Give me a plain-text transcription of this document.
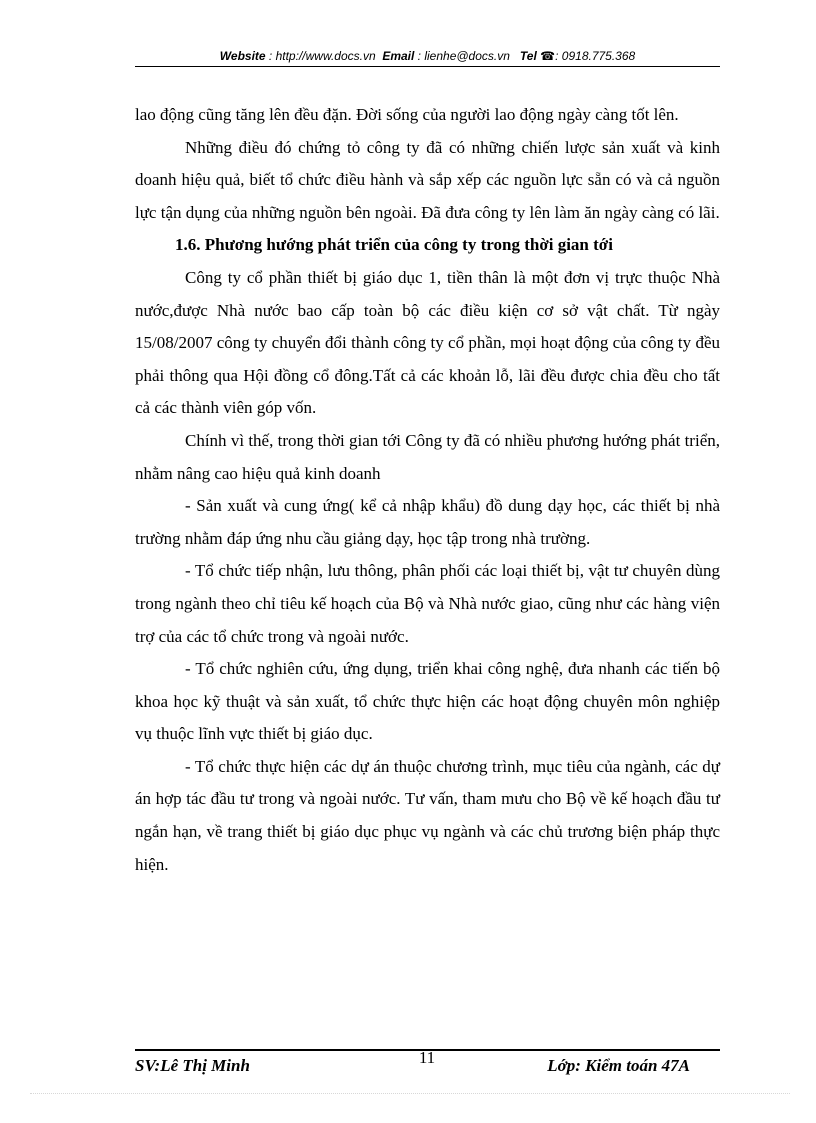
Website : http://www.docs.vn Email : lienhe@docs.vn Tel ☎: 0918.775.368

lao động cũng tăng lên đều đặn. Đời sống của người lao động ngày càng tốt lên.

Những điều đó chứng tỏ công ty đã có những chiến lược sản xuất và kinh doanh hiệu quả, biết tổ chức điều hành và sắp xếp các nguồn lực sẵn có và cả nguồn lực tận dụng của những nguồn bên ngoài. Đã đưa công ty lên làm ăn ngày càng có lãi.

1.6. Phương hướng phát triển của công ty trong thời gian tới

Công ty cổ phần thiết bị giáo dục 1, tiền thân là một đơn vị trực thuộc Nhà nước,được Nhà nước bao cấp toàn bộ các điều kiện cơ sở vật chất. Từ ngày 15/08/2007 công ty chuyển đổi thành công ty cổ phần, mọi hoạt động của công ty đều phải thông qua Hội đồng cổ đông.Tất cả các khoản lỗ, lãi đều được chia đều cho tất cả các thành viên góp vốn.

Chính vì thế, trong thời gian tới Công ty đã có nhiều phương hướng phát triển, nhằm nâng cao hiệu quả kinh doanh

- Sản xuất và cung ứng( kể cả nhập khẩu) đồ dung dạy học, các thiết bị nhà trường nhằm đáp ứng nhu cầu giảng dạy, học tập trong nhà trường.

- Tổ chức tiếp nhận, lưu thông, phân phối các loại thiết bị, vật tư chuyên dùng trong ngành theo chỉ tiêu kế hoạch của Bộ và Nhà nước giao, cũng như các hàng viện trợ của các tổ chức trong và ngoài nước.

- Tổ chức nghiên cứu, ứng dụng, triển khai công nghệ, đưa nhanh các tiến bộ khoa học kỹ thuật và sản xuất, tổ chức thực hiện các hoạt động chuyên môn nghiệp vụ thuộc lĩnh vực thiết bị giáo dục.

- Tổ chức thực hiện các dự án thuộc chương trình, mục tiêu của ngành, các dự án hợp tác đầu tư trong và ngoài nước. Tư vấn, tham mưu cho Bộ về kế hoạch đầu tư ngắn hạn, về trang thiết bị giáo dục phục vụ ngành và các chủ trương biện pháp thực hiện.

SV:Lê Thị Minh	11	Lớp: Kiểm toán 47A
